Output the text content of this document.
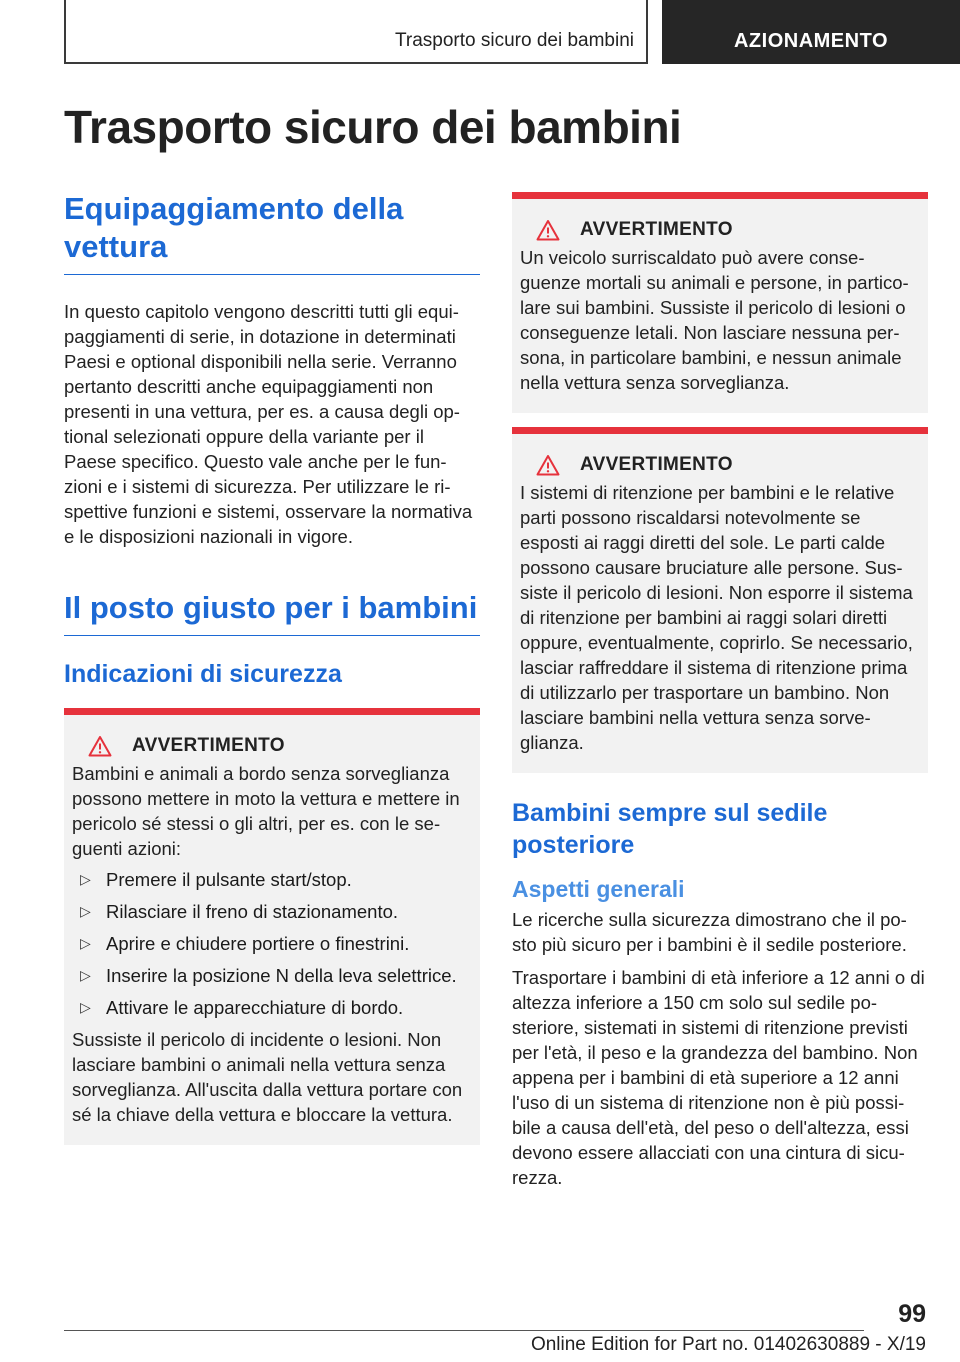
Trasporto sicuro dei bambini	AZIONAMENTO
Trasporto sicuro dei bambini
Equipaggiamento della vettura

In questo capitolo vengono descritti tutti gli equi-paggiamenti di serie, in dotazione in determinati Paesi e optional disponibili nella serie. Verranno pertanto descritti anche equipaggiamenti non presenti in una vettura, per es. a causa degli op-tional selezionati oppure della variante per il Paese specifico. Questo vale anche per le fun-zioni e i sistemi di sicurezza. Per utilizzare le ri-spettive funzioni e sistemi, osservare la normativa e le disposizioni nazionali in vigore.

Il posto giusto per i bambini
Indicazioni di sicurezza
AVVERTIMENTO

Bambini e animali a bordo senza sorveglianza possono mettere in moto la vettura e mettere in pericolo sé stessi o gli altri, per es. con le se-guenti azioni:

▷ Premere il pulsante start/stop.
▷ Rilasciare il freno di stazionamento.
▷ Aprire e chiudere portiere o finestrini.
▷ Inserire la posizione N della leva selettrice.
▷ Attivare le apparecchiature di bordo.

Sussiste il pericolo di incidente o lesioni. Non lasciare bambini o animali nella vettura senza sorveglianza. All'uscita dalla vettura portare con sé la chiave della vettura e bloccare la vettura.

AVVERTIMENTO

Un veicolo surriscaldato può avere conse-guenze mortali su animali e persone, in partico-lare sui bambini. Sussiste il pericolo di lesioni o conseguenze letali. Non lasciare nessuna per-sona, in particolare bambini, e nessun animale nella vettura senza sorveglianza.

AVVERTIMENTO

I sistemi di ritenzione per bambini e le relative parti possono riscaldarsi notevolmente se esposti ai raggi diretti del sole. Le parti calde possono causare bruciature alle persone. Sus-siste il pericolo di lesioni. Non esporre il sistema di ritenzione per bambini ai raggi solari diretti oppure, eventualmente, coprirlo. Se necessario, lasciar raffreddare il sistema di ritenzione prima di utilizzarlo per trasportare un bambino. Non lasciare bambini nella vettura senza sorve-glianza.

Bambini sempre sul sedile posteriore
Aspetti generali

Le ricerche sulla sicurezza dimostrano che il po-sto più sicuro per i bambini è il sedile posteriore.

Trasportare i bambini di età inferiore a 12 anni o di altezza inferiore a 150 cm solo sul sedile po-steriore, sistemati in sistemi di ritenzione previsti per l'età, il peso e la grandezza del bambino. Non appena per i bambini di età superiore a 12 anni l'uso di un sistema di ritenzione non è più possi-bile a causa dell'età, del peso o dell'altezza, essi devono essere allacciati con una cintura di sicu-rezza.

99
Online Edition for Part no. 01402630889 - X/19
